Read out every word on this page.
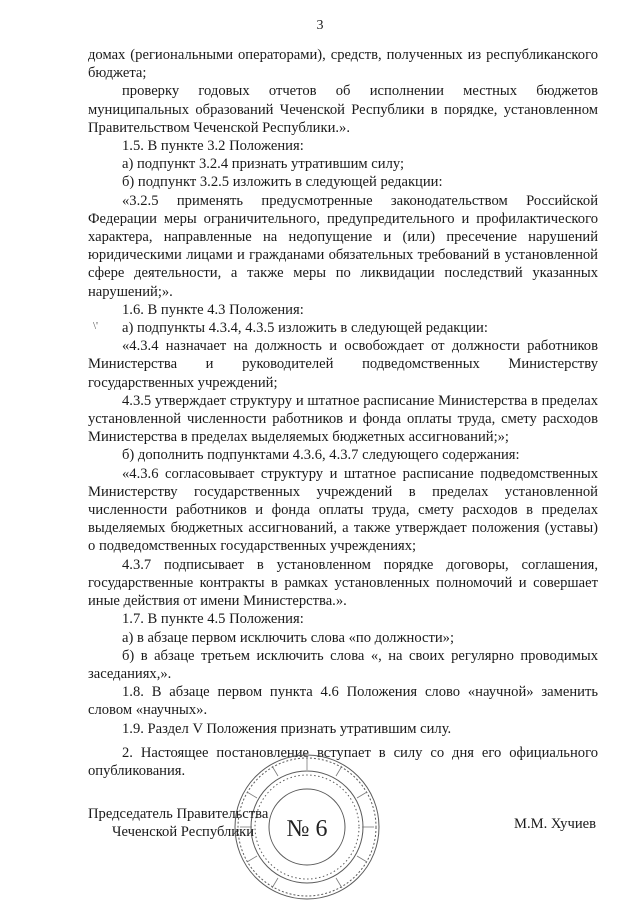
3
\'

домах (региональными операторами), средств, полученных из республиканского бюджета;

проверку годовых отчетов об исполнении местных бюджетов муниципальных образований Чеченской Республики в порядке, установленном Правительством Чеченской Республики.».

1.5. В пункте 3.2 Положения:

а) подпункт 3.2.4 признать утратившим силу;

б) подпункт 3.2.5 изложить в следующей редакции:

«3.2.5 применять предусмотренные законодательством Российской Федерации меры ограничительного, предупредительного и профилактического характера, направленные на недопущение и (или) пресечение нарушений юридическими лицами и гражданами обязательных требований в установленной сфере деятельности, а также меры по ликвидации последствий указанных нарушений;».

1.6. В пункте 4.3 Положения:

а) подпункты 4.3.4, 4.3.5 изложить в следующей редакции:

«4.3.4 назначает на должность и освобождает от должности работников Министерства и руководителей подведомственных Министерству государственных учреждений;

4.3.5 утверждает структуру и штатное расписание Министерства в пределах установленной численности работников и фонда оплаты труда, смету расходов Министерства в пределах выделяемых бюджетных ассигнований;»;

б) дополнить подпунктами 4.3.6, 4.3.7 следующего содержания:

«4.3.6 согласовывает структуру и штатное расписание подведомственных Министерству государственных учреждений в пределах установленной численности работников и фонда оплаты труда, смету расходов в пределах выделяемых бюджетных ассигнований, а также утверждает положения (уставы) о подведомственных государственных учреждениях;

4.3.7 подписывает в установленном порядке договоры, соглашения, государственные контракты в рамках установленных полномочий и совершает иные действия от имени Министерства.».

1.7. В пункте 4.5 Положения:

а) в абзаце первом исключить слова «по должности»;

б) в абзаце третьем исключить слова «, на своих регулярно проводимых заседаниях,».

1.8. В абзаце первом пункта 4.6 Положения слово «научной» заменить словом «научных».

1.9. Раздел V Положения признать утратившим силу.

2. Настоящее постановление вступает в силу со дня его официального опубликования.

№ 6
Председатель Правительства
Чеченской Республики	М.М. Хучиев
